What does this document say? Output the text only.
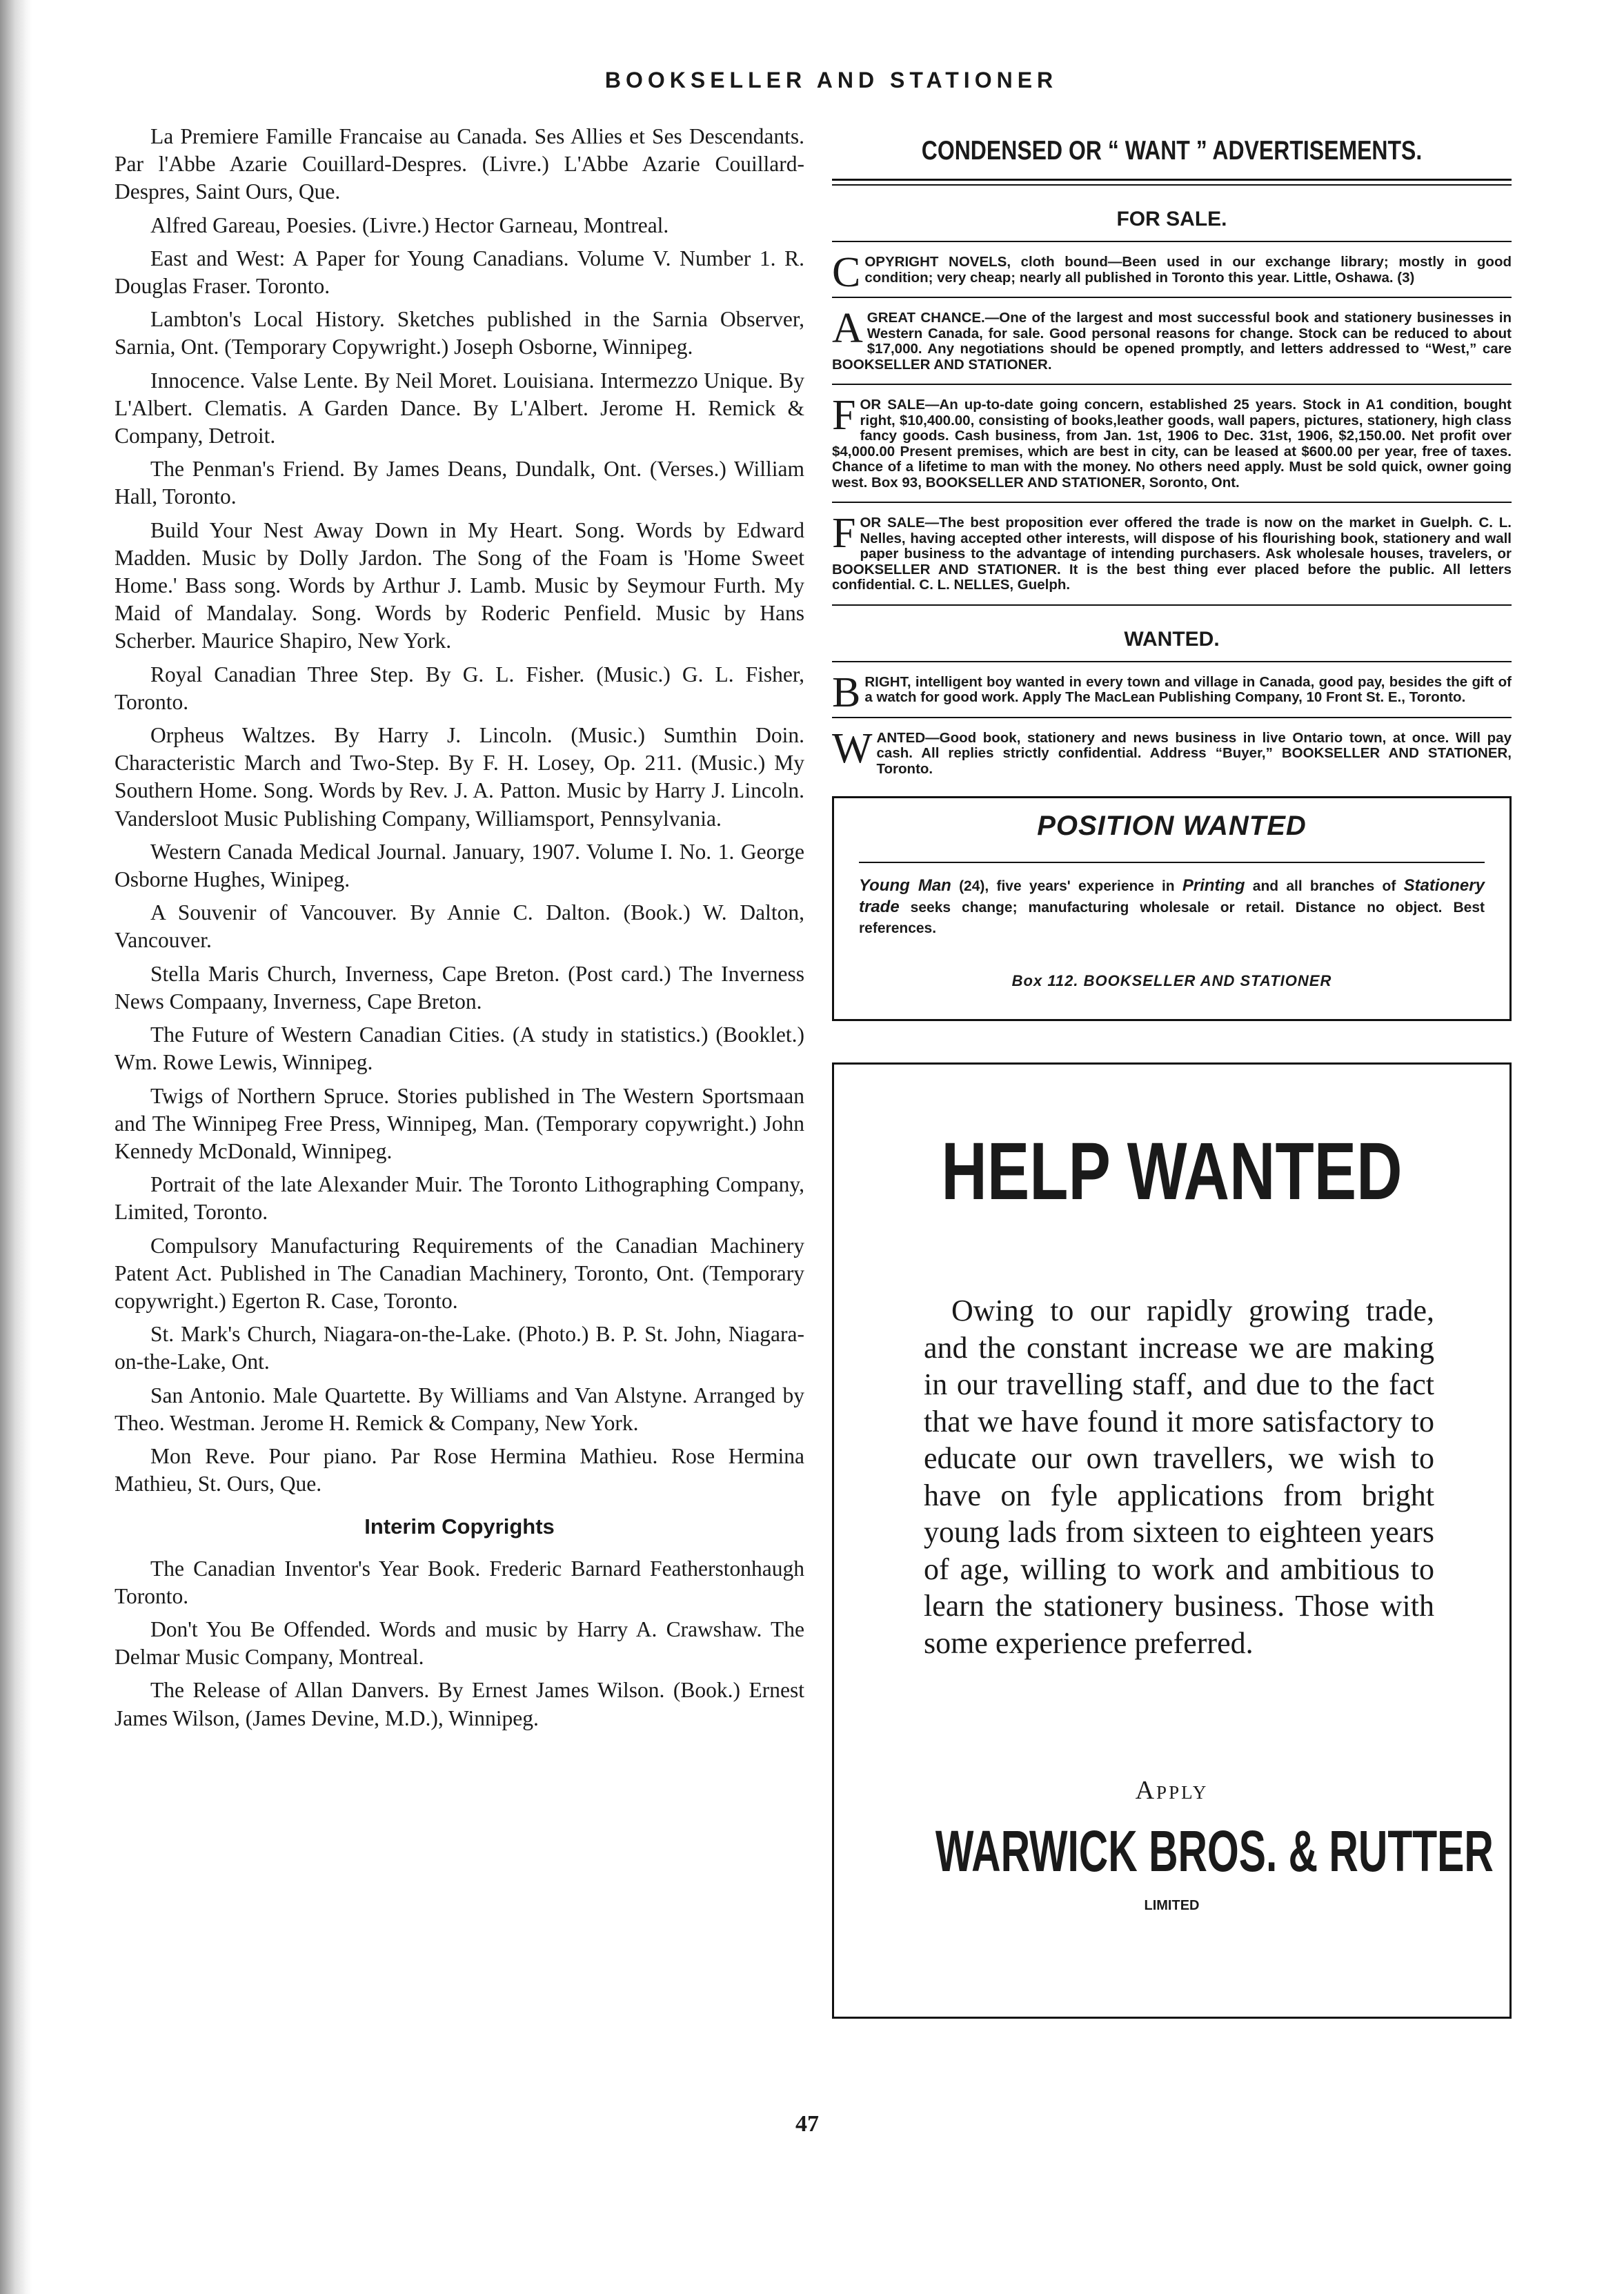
BOOKSELLER AND STATIONER

La Premiere Famille Francaise au Canada. Ses Allies et Ses Descendants. Par l'Abbe Azarie Couillard-Despres. (Livre.) L'Abbe Azarie Couillard-Despres, Saint Ours, Que.

Alfred Gareau, Poesies. (Livre.) Hector Garneau, Montreal.

East and West: A Paper for Young Canadians. Volume V. Number 1. R. Douglas Fraser. Toronto.

Lambton's Local History. Sketches published in the Sarnia Observer, Sarnia, Ont. (Temporary Copywright.) Joseph Osborne, Winnipeg.

Innocence. Valse Lente. By Neil Moret. Louisiana. Intermezzo Unique. By L'Albert. Clematis. A Garden Dance. By L'Albert. Jerome H. Remick & Company, Detroit.

The Penman's Friend. By James Deans, Dundalk, Ont. (Verses.) William Hall, Toronto.

Build Your Nest Away Down in My Heart. Song. Words by Edward Madden. Music by Dolly Jardon. The Song of the Foam is 'Home Sweet Home.' Bass song. Words by Arthur J. Lamb. Music by Seymour Furth. My Maid of Mandalay. Song. Words by Roderic Penfield. Music by Hans Scherber. Maurice Shapiro, New York.

Royal Canadian Three Step. By G. L. Fisher. (Music.) G. L. Fisher, Toronto.

Orpheus Waltzes. By Harry J. Lincoln. (Music.) Sumthin Doin. Characteristic March and Two-Step. By F. H. Losey, Op. 211. (Music.) My Southern Home. Song. Words by Rev. J. A. Patton. Music by Harry J. Lincoln. Vandersloot Music Publishing Company, Williamsport, Pennsylvania.

Western Canada Medical Journal. January, 1907. Volume I. No. 1. George Osborne Hughes, Winipeg.

A Souvenir of Vancouver. By Annie C. Dalton. (Book.) W. Dalton, Vancouver.

Stella Maris Church, Inverness, Cape Breton. (Post card.) The Inverness News Compaany, Inverness, Cape Breton.

The Future of Western Canadian Cities. (A study in statistics.) (Booklet.) Wm. Rowe Lewis, Winnipeg.

Twigs of Northern Spruce. Stories published in The Western Sportsmaan and The Winnipeg Free Press, Winnipeg, Man. (Temporary copywright.) John Kennedy McDonald, Winnipeg.

Portrait of the late Alexander Muir. The Toronto Lithographing Company, Limited, Toronto.

Compulsory Manufacturing Requirements of the Canadian Machinery Patent Act. Published in The Canadian Machinery, Toronto, Ont. (Temporary copywright.) Egerton R. Case, Toronto.

St. Mark's Church, Niagara-on-the-Lake. (Photo.) B. P. St. John, Niagara-on-the-Lake, Ont.

San Antonio. Male Quartette. By Williams and Van Alstyne. Arranged by Theo. Westman. Jerome H. Remick & Company, New York.

Mon Reve. Pour piano. Par Rose Hermina Mathieu. Rose Hermina Mathieu, St. Ours, Que.

Interim Copyrights

The Canadian Inventor's Year Book. Frederic Barnard Featherstonhaugh Toronto.

Don't You Be Offended. Words and music by Harry A. Crawshaw. The Delmar Music Company, Montreal.

The Release of Allan Danvers. By Ernest James Wilson. (Book.) Ernest James Wilson, (James Devine, M.D.), Winnipeg.

CONDENSED OR “ WANT ” ADVERTISEMENTS.
FOR SALE.
COPYRIGHT NOVELS, cloth bound—Been used in our exchange library; mostly in good condition; very cheap; nearly all published in Toronto this year. Little, Oshawa. (3)
AGREAT CHANCE.—One of the largest and most successful book and stationery businesses in Western Canada, for sale. Good personal reasons for change. Stock can be reduced to about $17,000. Any negotiations should be opened promptly, and letters addressed to “West,” care BOOKSELLER AND STATIONER.
FOR SALE—An up-to-date going concern, established 25 years. Stock in A1 condition, bought right, $10,400.00, consisting of books,leather goods, wall papers, pictures, stationery, high class fancy goods. Cash business, from Jan. 1st, 1906 to Dec. 31st, 1906, $2,150.00. Net profit over $4,000.00 Present premises, which are best in city, can be leased at $600.00 per year, free of taxes. Chance of a lifetime to man with the money. No others need apply. Must be sold quick, owner going west. Box 93, BOOKSELLER AND STATIONER, Soronto, Ont.
FOR SALE—The best proposition ever offered the trade is now on the market in Guelph. C. L. Nelles, having accepted other interests, will dispose of his flourishing book, stationery and wall paper business to the advantage of intending purchasers. Ask wholesale houses, travelers, or BOOKSELLER AND STATIONER. It is the best thing ever placed before the public. All letters confidential. C. L. NELLES, Guelph.
WANTED.
BRIGHT, intelligent boy wanted in every town and village in Canada, good pay, besides the gift of a watch for good work. Apply The MacLean Publishing Company, 10 Front St. E., Toronto.
WANTED—Good book, stationery and news business in live Ontario town, at once. Will pay cash. All replies strictly confidential. Address “Buyer,” BOOKSELLER AND STATIONER, Toronto.
POSITION WANTED
Young Man (24), five years' experience in Printing and all branches of Stationery trade seeks change; manufacturing wholesale or retail. Distance no object. Best references.
Box 112. BOOKSELLER AND STATIONER
HELP WANTED
Owing to our rapidly growing trade, and the constant increase we are making in our travelling staff, and due to the fact that we have found it more satisfactory to educate our own travellers, we wish to have on fyle applications from bright young lads from sixteen to eighteen years of age, willing to work and ambitious to learn the stationery business. Those with some experience preferred.
Apply
WARWICK BROS. & RUTTER
LIMITED
47
